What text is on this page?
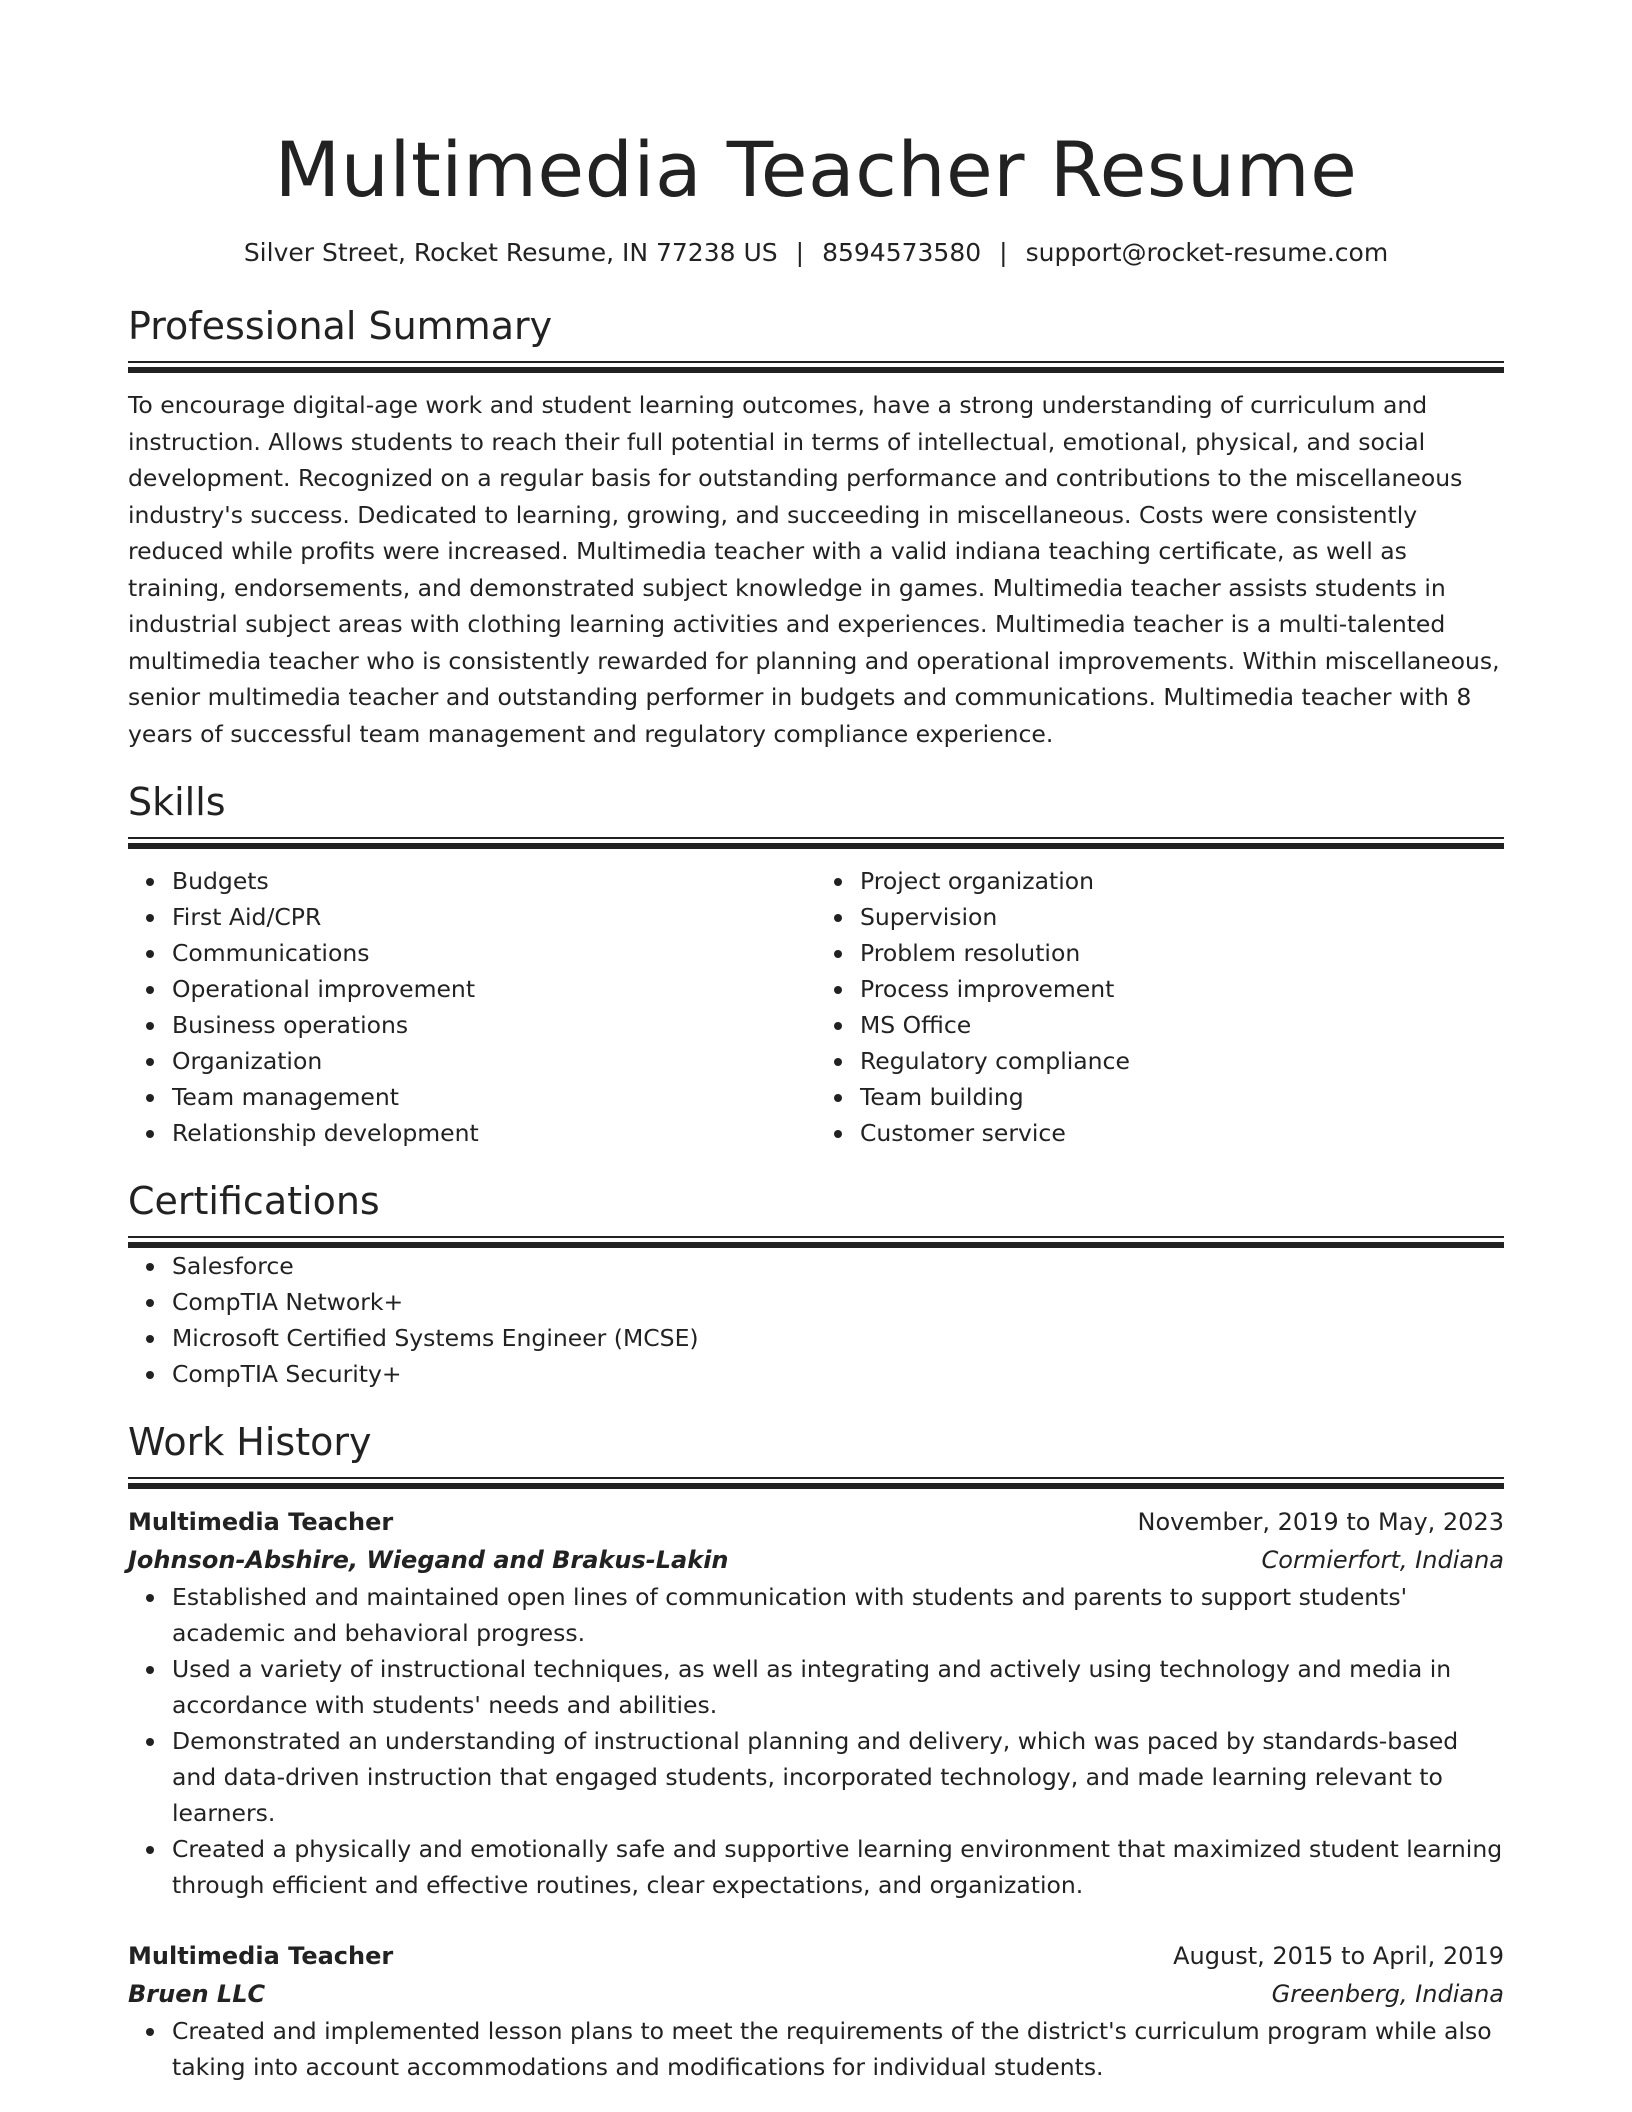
Multimedia Teacher Resume
Silver Street, Rocket Resume, IN 77238 US | 8594573580 | support@rocket-resume.com
Professional Summary
To encourage digital-age work and student learning outcomes, have a strong understanding of curriculum and instruction. Allows students to reach their full potential in terms of intellectual, emotional, physical, and social development. Recognized on a regular basis for outstanding performance and contributions to the miscellaneous industry's success. Dedicated to learning, growing, and succeeding in miscellaneous. Costs were consistently reduced while profits were increased. Multimedia teacher with a valid indiana teaching certificate, as well as training, endorsements, and demonstrated subject knowledge in games. Multimedia teacher assists students in industrial subject areas with clothing learning activities and experiences. Multimedia teacher is a multi-talented multimedia teacher who is consistently rewarded for planning and operational improvements. Within miscellaneous, senior multimedia teacher and outstanding performer in budgets and communications. Multimedia teacher with 8 years of successful team management and regulatory compliance experience.
Skills
Budgets
First Aid/CPR
Communications
Operational improvement
Business operations
Organization
Team management
Relationship development
Project organization
Supervision
Problem resolution
Process improvement
MS Office
Regulatory compliance
Team building
Customer service
Certifications
Salesforce
CompTIA Network+
Microsoft Certified Systems Engineer (MCSE)
CompTIA Security+
Work History
Multimedia Teacher	November, 2019 to May, 2023
Johnson-Abshire, Wiegand and Brakus-Lakin	Cormierfort, Indiana
Established and maintained open lines of communication with students and parents to support students' academic and behavioral progress.
Used a variety of instructional techniques, as well as integrating and actively using technology and media in accordance with students' needs and abilities.
Demonstrated an understanding of instructional planning and delivery, which was paced by standards-based and data-driven instruction that engaged students, incorporated technology, and made learning relevant to learners.
Created a physically and emotionally safe and supportive learning environment that maximized student learning through efficient and effective routines, clear expectations, and organization.
Multimedia Teacher	August, 2015 to April, 2019
Bruen LLC	Greenberg, Indiana
Created and implemented lesson plans to meet the requirements of the district's curriculum program while also taking into account accommodations and modifications for individual students.
